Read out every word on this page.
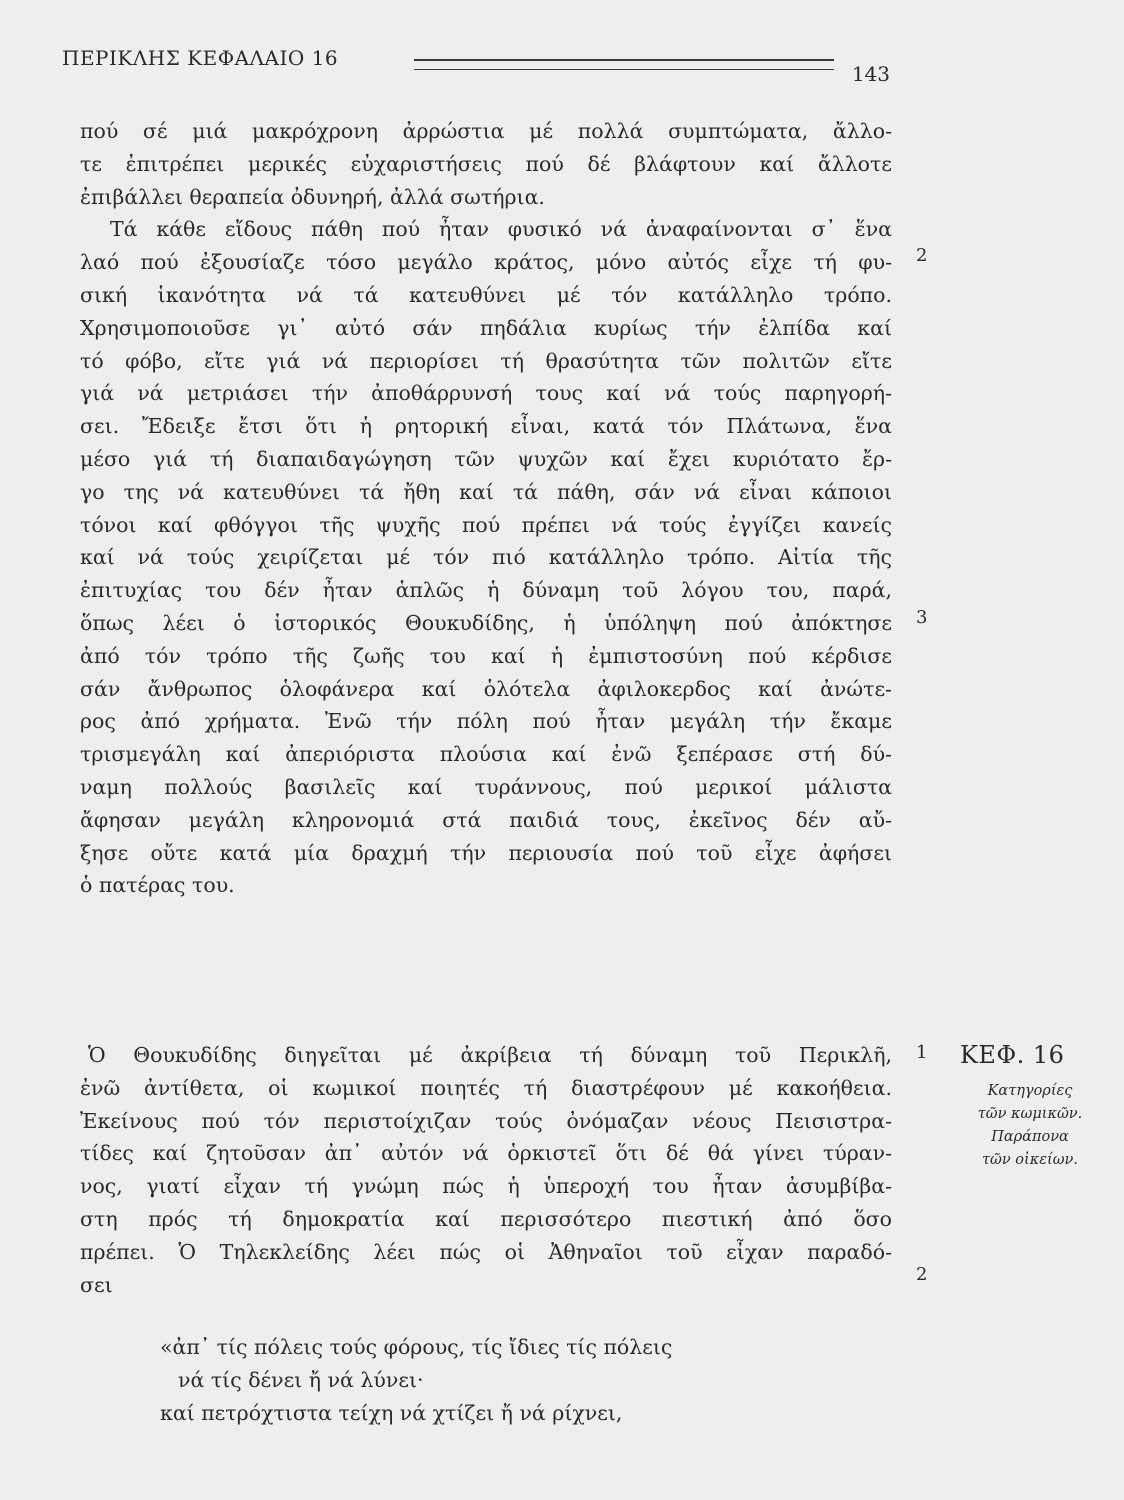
ΠΕΡΙΚΛΗΣ ΚΕΦΑΛΑΙΟ 16
143
πού σέ μιά μακρόχρονη ἀρρώστια μέ πολλά συμπτώματα, ἄλλο-
τε ἐπιτρέπει μερικές εὐχαριστήσεις πού δέ βλάφτουν καί ἄλλοτε
ἐπιβάλλει θεραπεία ὀδυνηρή, ἀλλά σωτήρια.
Τά κάθε εἴδους πάθη πού ἦταν φυσικό νά ἀναφαίνονται σ᾽ ἕνα
λαό πού ἐξουσίαζε τόσο μεγάλο κράτος, μόνο αὐτός εἶχε τή φυ-
σική ἱκανότητα νά τά κατευθύνει μέ τόν κατάλληλο τρόπο.
Χρησιμοποιοῦσε γι᾽ αὐτό σάν πηδάλια κυρίως τήν ἐλπίδα καί
τό φόβο, εἴτε γιά νά περιορίσει τή θρασύτητα τῶν πολιτῶν εἴτε
γιά νά μετριάσει τήν ἀποθάρρυνσή τους καί νά τούς παρηγορή-
σει. Ἔδειξε ἔτσι ὅτι ἡ ρητορική εἶναι, κατά τόν Πλάτωνα, ἕνα
μέσο γιά τή διαπαιδαγώγηση τῶν ψυχῶν καί ἔχει κυριότατο ἔρ-
γο της νά κατευθύνει τά ἤθη καί τά πάθη, σάν νά εἶναι κάποιοι
τόνοι καί φθόγγοι τῆς ψυχῆς πού πρέπει νά τούς ἐγγίζει κανείς
καί νά τούς χειρίζεται μέ τόν πιό κατάλληλο τρόπο. Αἰτία τῆς
ἐπιτυχίας του δέν ἦταν ἁπλῶς ἡ δύναμη τοῦ λόγου του, παρά,
ὅπως λέει ὁ ἱστορικός Θουκυδίδης, ἡ ὑπόληψη πού ἀπόκτησε
ἀπό τόν τρόπο τῆς ζωῆς του καί ἡ ἐμπιστοσύνη πού κέρδισε
σάν ἄνθρωπος ὁλοφάνερα καί ὁλότελα ἀφιλοκερδος καί ἀνώτε-
ρος ἀπό χρήματα. Ἐνῶ τήν πόλη πού ἦταν μεγάλη τήν ἔκαμε
τρισμεγάλη καί ἀπεριόριστα πλούσια καί ἐνῶ ξεπέρασε στή δύ-
ναμη πολλούς βασιλεῖς καί τυράννους, πού μερικοί μάλιστα
ἄφησαν μεγάλη κληρονομιά στά παιδιά τους, ἐκεῖνος δέν αὔ-
ξησε οὔτε κατά μία δραχμή τήν περιουσία πού τοῦ εἶχε ἀφήσει
ὁ πατέρας του.
Ὁ Θουκυδίδης διηγεῖται μέ ἀκρίβεια τή δύναμη τοῦ Περικλῆ,
ἐνῶ ἀντίθετα, οἱ κωμικοί ποιητές τή διαστρέφουν μέ κακοήθεια.
Ἐκείνους πού τόν περιστοίχιζαν τούς ὀνόμαζαν νέους Πεισιστρα-
τίδες καί ζητοῦσαν ἀπ᾽ αὐτόν νά ὁρκιστεῖ ὅτι δέ θά γίνει τύραν-
νος, γιατί εἶχαν τή γνώμη πώς ἡ ὑπεροχή του ἦταν ἀσυμβίβα-
στη πρός τή δημοκρατία καί περισσότερο πιεστική ἀπό ὅσο
πρέπει. Ὁ Τηλεκλείδης λέει πώς οἱ Ἀθηναῖοι τοῦ εἶχαν παραδό-
σει
«ἀπ᾽ τίς πόλεις τούς φόρους, τίς ἴδιες τίς πόλεις
νά τίς δένει ἤ νά λύνει·
καί πετρόχτιστα τείχη νά χτίζει ἤ νά ρίχνει,
2
3
1
2
ΚΕΦ. 16
Κατηγορίες
τῶν κωμικῶν.
Παράπονα
τῶν οἰκείων.
